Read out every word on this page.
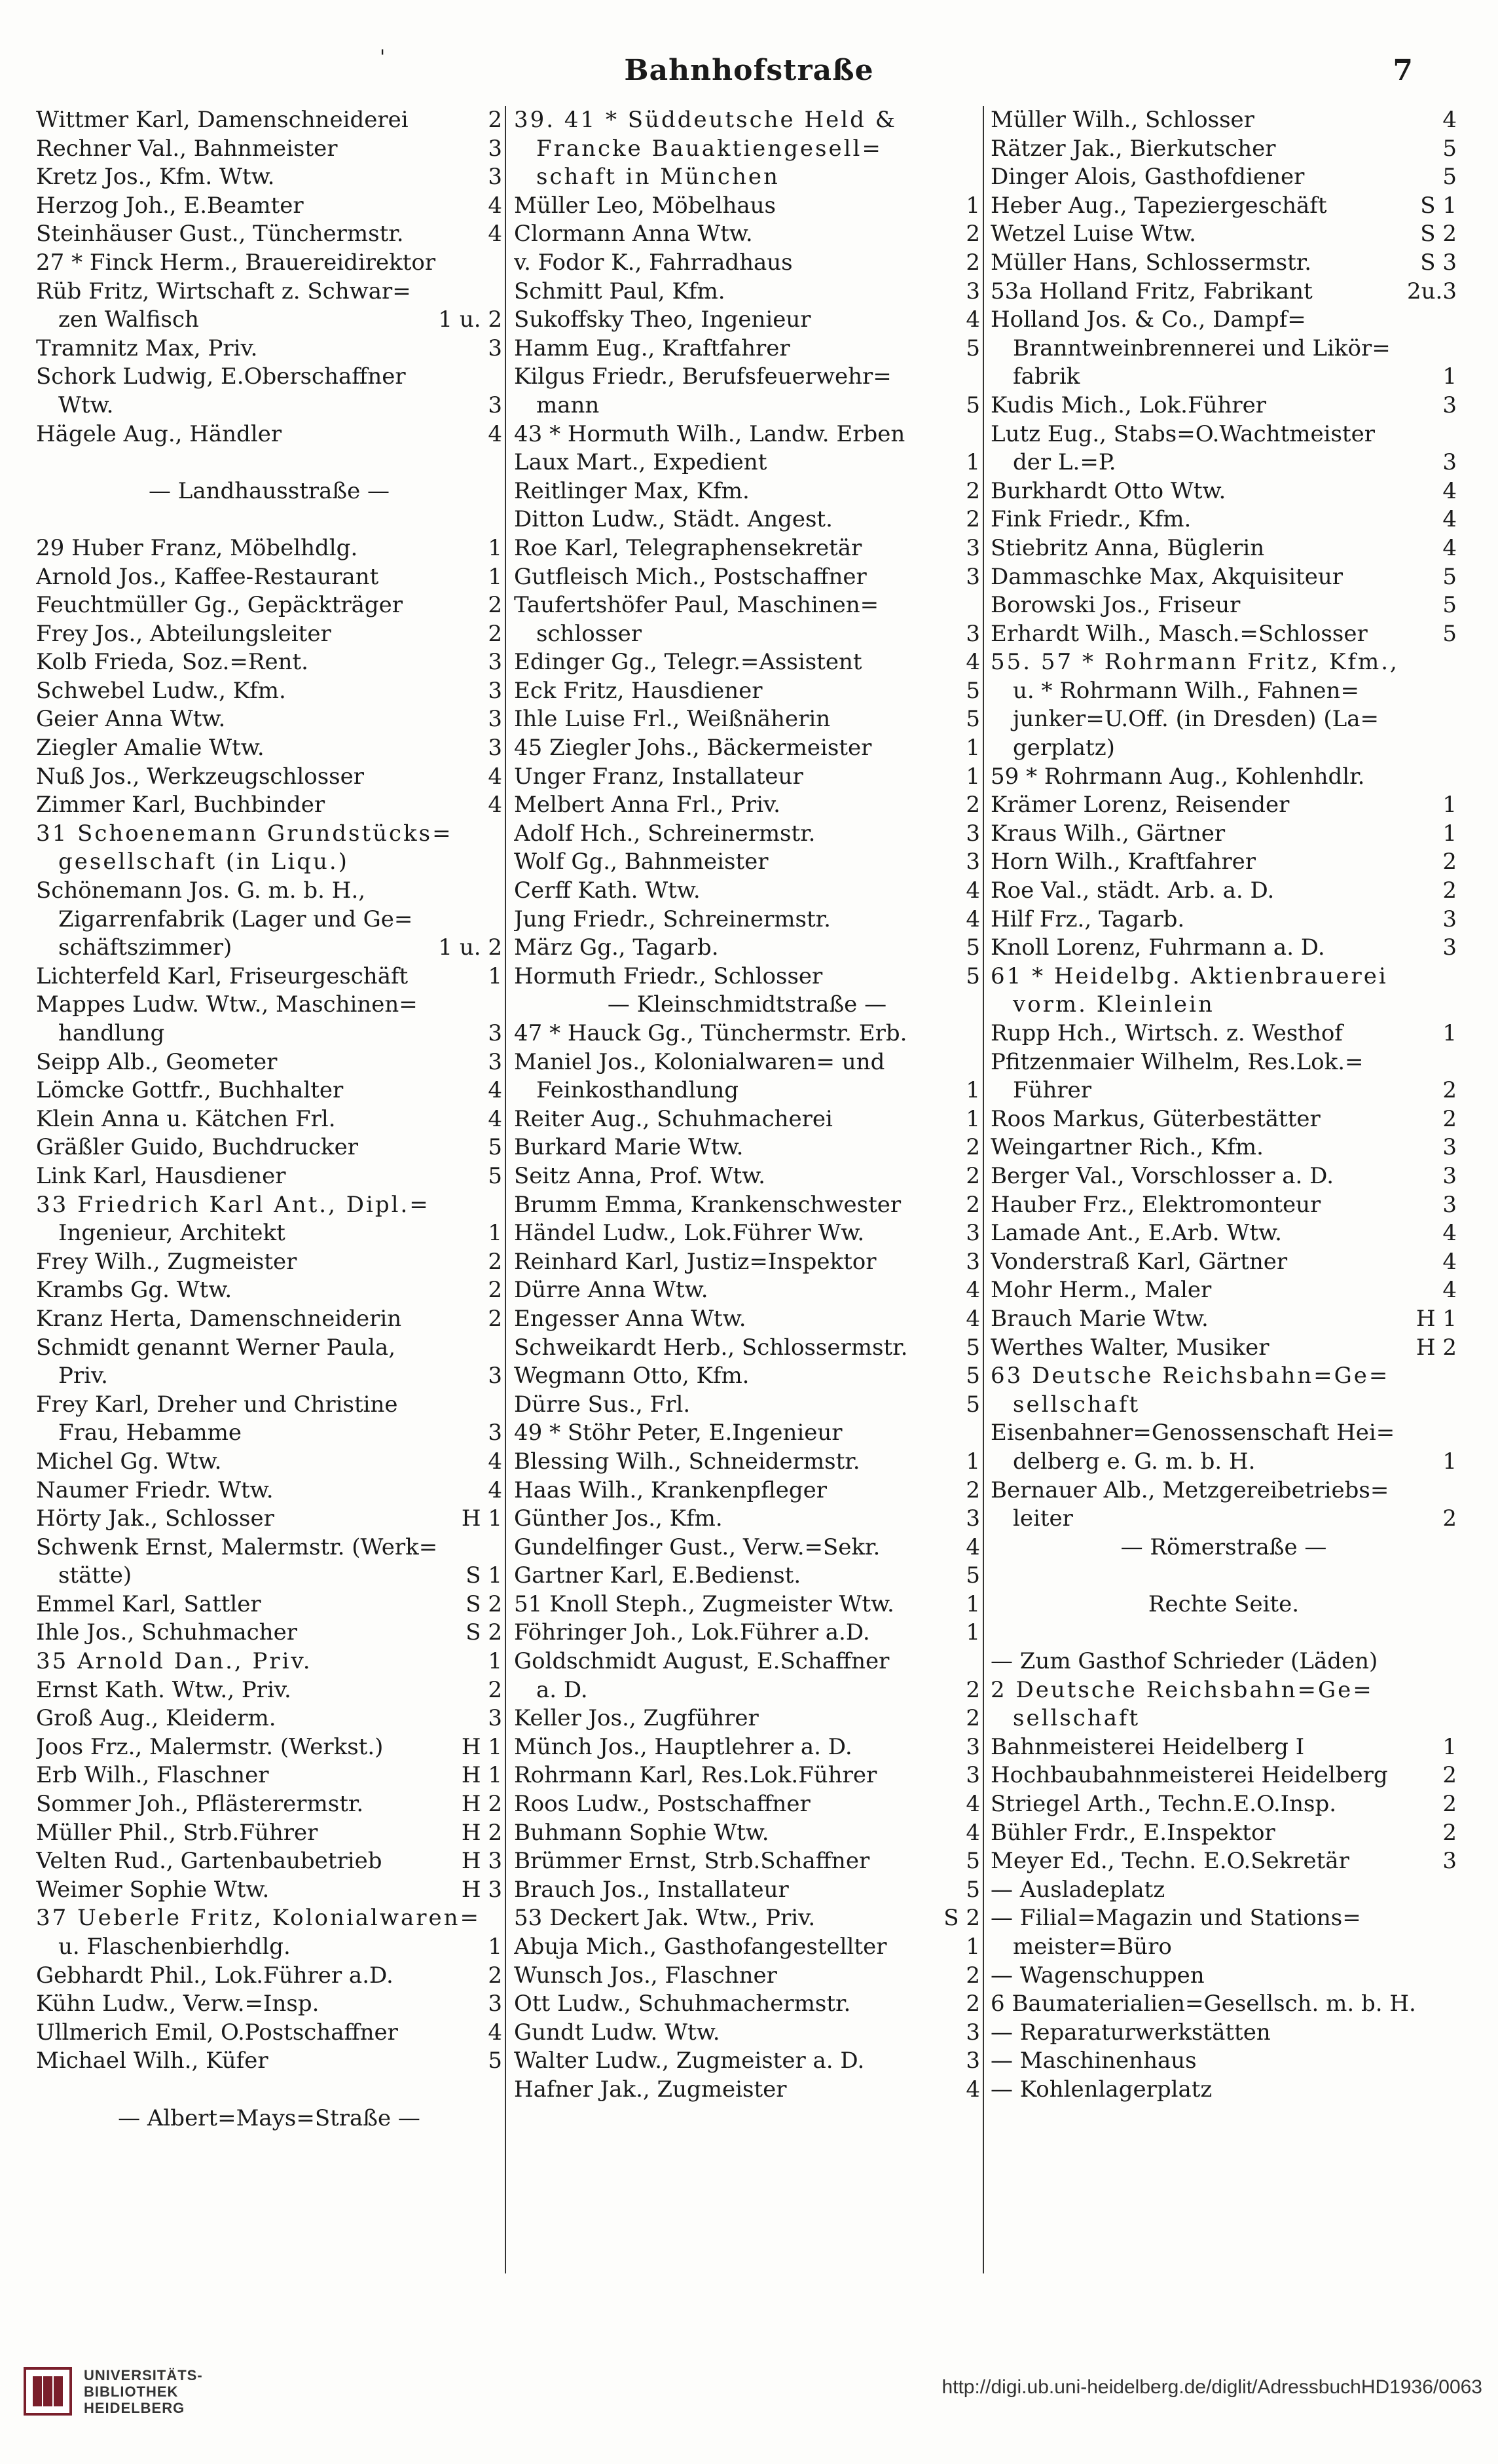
'	Bahnhofstraße	7
Wittmer Karl, Damenschneiderei	2
Rechner Val., Bahnmeister	3
Kretz Jos., Kfm. Wtw.	3
Herzog Joh., E.Beamter	4
Steinhäuser Gust., Tünchermstr.	4
27 * Finck Herm., Brauereidirektor
Rüb Fritz, Wirtschaft z. Schwar=
zen Walfisch	1 u. 2
Tramnitz Max, Priv.	3
Schork Ludwig, E.Oberschaffner
Wtw.	3
Hägele Aug., Händler	4
— Landhausstraße —
29 Huber Franz, Möbelhdlg.	1
Arnold Jos., Kaffee-Restaurant	1
Feuchtmüller Gg., Gepäckträger	2
Frey Jos., Abteilungsleiter	2
Kolb Frieda, Soz.=Rent.	3
Schwebel Ludw., Kfm.	3
Geier Anna Wtw.	3
Ziegler Amalie Wtw.	3
Nuß Jos., Werkzeugschlosser	4
Zimmer Karl, Buchbinder	4
31 Schoenemann Grundstücks=
gesellschaft (in Liqu.)
Schönemann Jos. G. m. b. H.,
Zigarrenfabrik (Lager und Ge=
schäftszimmer)	1 u. 2
Lichterfeld Karl, Friseurgeschäft	1
Mappes Ludw. Wtw., Maschinen=
handlung	3
Seipp Alb., Geometer	3
Lömcke Gottfr., Buchhalter	4
Klein Anna u. Kätchen Frl.	4
Gräßler Guido, Buchdrucker	5
Link Karl, Hausdiener	5
33 Friedrich Karl Ant., Dipl.=
Ingenieur, Architekt	1
Frey Wilh., Zugmeister	2
Krambs Gg. Wtw.	2
Kranz Herta, Damenschneiderin	2
Schmidt genannt Werner Paula,
Priv.	3
Frey Karl, Dreher und Christine
Frau, Hebamme	3
Michel Gg. Wtw.	4
Naumer Friedr. Wtw.	4
Hörty Jak., Schlosser	H 1
Schwenk Ernst, Malermstr. (Werk=
stätte)	S 1
Emmel Karl, Sattler	S 2
Ihle Jos., Schuhmacher	S 2
35 Arnold Dan., Priv.	1
Ernst Kath. Wtw., Priv.	2
Groß Aug., Kleiderm.	3
Joos Frz., Malermstr. (Werkst.)	H 1
Erb Wilh., Flaschner	H 1
Sommer Joh., Pflästerermstr.	H 2
Müller Phil., Strb.Führer	H 2
Velten Rud., Gartenbaubetrieb	H 3
Weimer Sophie Wtw.	H 3
37 Ueberle Fritz, Kolonialwaren=
u. Flaschenbierhdlg.	1
Gebhardt Phil., Lok.Führer a.D.	2
Kühn Ludw., Verw.=Insp.	3
Ullmerich Emil, O.Postschaffner	4
Michael Wilh., Küfer	5
— Albert=Mays=Straße —
39. 41 * Süddeutsche Held &
Francke Bauaktiengesell=
schaft in München
Müller Leo, Möbelhaus	1
Clormann Anna Wtw.	2
v. Fodor K., Fahrradhaus	2
Schmitt Paul, Kfm.	3
Sukoffsky Theo, Ingenieur	4
Hamm Eug., Kraftfahrer	5
Kilgus Friedr., Berufsfeuerwehr=
mann	5
43 * Hormuth Wilh., Landw. Erben
Laux Mart., Expedient	1
Reitlinger Max, Kfm.	2
Ditton Ludw., Städt. Angest.	2
Roe Karl, Telegraphensekretär	3
Gutfleisch Mich., Postschaffner	3
Taufertshöfer Paul, Maschinen=
schlosser	3
Edinger Gg., Telegr.=Assistent	4
Eck Fritz, Hausdiener	5
Ihle Luise Frl., Weißnäherin	5
45 Ziegler Johs., Bäckermeister	1
Unger Franz, Installateur	1
Melbert Anna Frl., Priv.	2
Adolf Hch., Schreinermstr.	3
Wolf Gg., Bahnmeister	3
Cerff Kath. Wtw.	4
Jung Friedr., Schreinermstr.	4
März Gg., Tagarb.	5
Hormuth Friedr., Schlosser	5
— Kleinschmidtstraße —
47 * Hauck Gg., Tünchermstr. Erb.
Maniel Jos., Kolonialwaren= und
Feinkosthandlung	1
Reiter Aug., Schuhmacherei	1
Burkard Marie Wtw.	2
Seitz Anna, Prof. Wtw.	2
Brumm Emma, Krankenschwester	2
Händel Ludw., Lok.Führer Ww.	3
Reinhard Karl, Justiz=Inspektor	3
Dürre Anna Wtw.	4
Engesser Anna Wtw.	4
Schweikardt Herb., Schlossermstr.	5
Wegmann Otto, Kfm.	5
Dürre Sus., Frl.	5
49 * Stöhr Peter, E.Ingenieur
Blessing Wilh., Schneidermstr.	1
Haas Wilh., Krankenpfleger	2
Günther Jos., Kfm.	3
Gundelfinger Gust., Verw.=Sekr.	4
Gartner Karl, E.Bedienst.	5
51 Knoll Steph., Zugmeister Wtw.	1
Föhringer Joh., Lok.Führer a.D.	1
Goldschmidt August, E.Schaffner
a. D.	2
Keller Jos., Zugführer	2
Münch Jos., Hauptlehrer a. D.	3
Rohrmann Karl, Res.Lok.Führer	3
Roos Ludw., Postschaffner	4
Buhmann Sophie Wtw.	4
Brümmer Ernst, Strb.Schaffner	5
Brauch Jos., Installateur	5
53 Deckert Jak. Wtw., Priv.	S 2
Abuja Mich., Gasthofangestellter	1
Wunsch Jos., Flaschner	2
Ott Ludw., Schuhmachermstr.	2
Gundt Ludw. Wtw.	3
Walter Ludw., Zugmeister a. D.	3
Hafner Jak., Zugmeister	4
Müller Wilh., Schlosser	4
Rätzer Jak., Bierkutscher	5
Dinger Alois, Gasthofdiener	5
Heber Aug., Tapeziergeschäft	S 1
Wetzel Luise Wtw.	S 2
Müller Hans, Schlossermstr.	S 3
53a Holland Fritz, Fabrikant	2u.3
Holland Jos. & Co., Dampf=
Branntweinbrennerei und Likör=
fabrik	1
Kudis Mich., Lok.Führer	3
Lutz Eug., Stabs=O.Wachtmeister
der L.=P.	3
Burkhardt Otto Wtw.	4
Fink Friedr., Kfm.	4
Stiebritz Anna, Büglerin	4
Dammaschke Max, Akquisiteur	5
Borowski Jos., Friseur	5
Erhardt Wilh., Masch.=Schlosser	5
55. 57 * Rohrmann Fritz, Kfm.,
u. * Rohrmann Wilh., Fahnen=
junker=U.Off. (in Dresden) (La=
gerplatz)
59 * Rohrmann Aug., Kohlenhdlr.
Krämer Lorenz, Reisender	1
Kraus Wilh., Gärtner	1
Horn Wilh., Kraftfahrer	2
Roe Val., städt. Arb. a. D.	2
Hilf Frz., Tagarb.	3
Knoll Lorenz, Fuhrmann a. D.	3
61 * Heidelbg. Aktienbrauerei
vorm. Kleinlein
Rupp Hch., Wirtsch. z. Westhof	1
Pfitzenmaier Wilhelm, Res.Lok.=
Führer	2
Roos Markus, Güterbestätter	2
Weingartner Rich., Kfm.	3
Berger Val., Vorschlosser a. D.	3
Hauber Frz., Elektromonteur	3
Lamade Ant., E.Arb. Wtw.	4
Vonderstraß Karl, Gärtner	4
Mohr Herm., Maler	4
Brauch Marie Wtw.	H 1
Werthes Walter, Musiker	H 2
63 Deutsche Reichsbahn=Ge=
sellschaft
Eisenbahner=Genossenschaft Hei=
delberg e. G. m. b. H.	1
Bernauer Alb., Metzgereibetriebs=
leiter	2
— Römerstraße —
Rechte Seite.
— Zum Gasthof Schrieder (Läden)
2 Deutsche Reichsbahn=Ge=
sellschaft
Bahnmeisterei Heidelberg I	1
Hochbaubahnmeisterei Heidelberg	2
Striegel Arth., Techn.E.O.Insp.	2
Bühler Frdr., E.Inspektor	2
Meyer Ed., Techn. E.O.Sekretär	3
— Ausladeplatz
— Filial=Magazin und Stations=
meister=Büro
— Wagenschuppen
6 Baumaterialien=Gesellsch. m. b. H.
— Reparaturwerkstätten
— Maschinenhaus
— Kohlenlagerplatz
UNIVERSITÄTS-
BIBLIOTHEK
HEIDELBERG
http://digi.ub.uni-heidelberg.de/diglit/AdressbuchHD1936/0063
